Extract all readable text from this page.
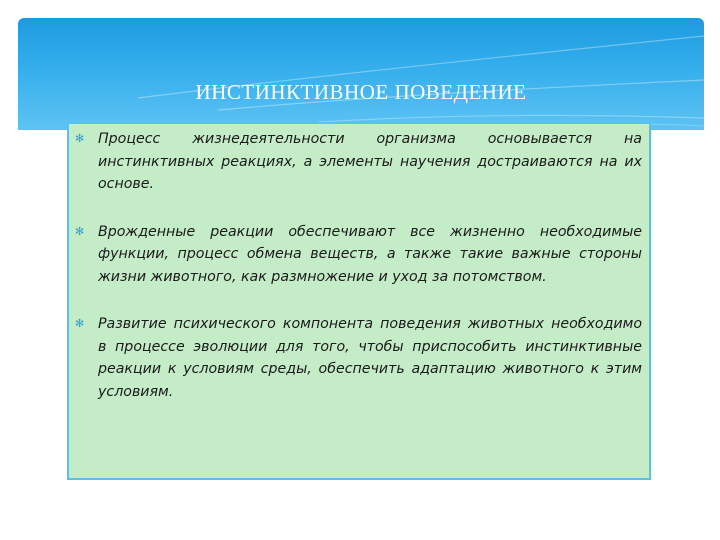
ИНСТИНКТИВНОЕ ПОВЕДЕНИЕ
✻ Процесс жизнедеятельности организма основывается на инстинктивных реакциях, а элементы научения достраиваются на их основе.
✻ Врожденные реакции обеспечивают все жизненно необходимые функции, процесс обмена веществ, а также такие важные стороны жизни животного, как размножение и уход за потомством.
✻ Развитие психического компонента поведения животных необходимо в процессе эволюции для того, чтобы приспособить инстинктивные реакции к условиям среды, обеспечить адаптацию животного к этим условиям.
